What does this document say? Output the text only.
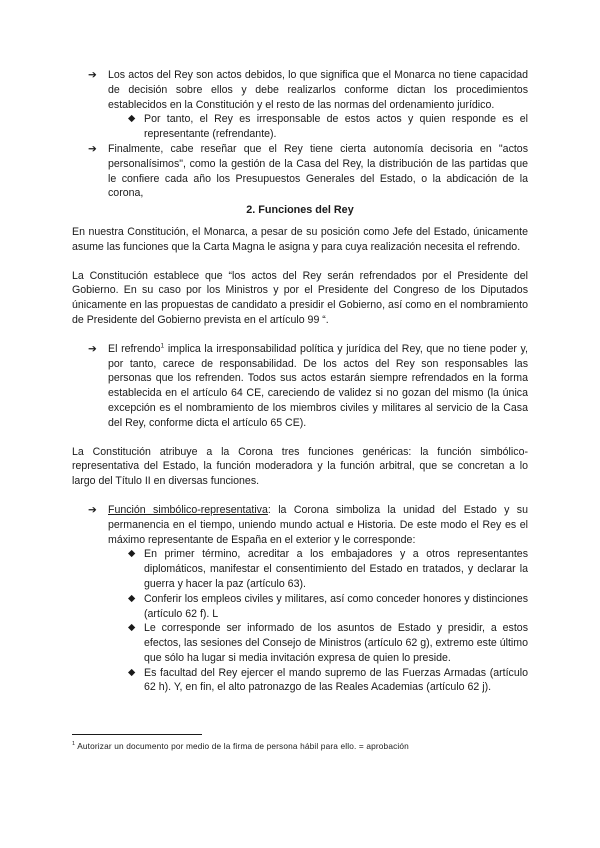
➔ Los actos del Rey son actos debidos, lo que significa que el Monarca no tiene capacidad de decisión sobre ellos y debe realizarlos conforme dictan los procedimientos establecidos en la Constitución y el resto de las normas del ordenamiento jurídico.

◆ Por tanto, el Rey es irresponsable de estos actos y quien responde es el representante (refrendante).

➔ Finalmente, cabe reseñar que el Rey tiene cierta autonomía decisoria en "actos personalísimos", como la gestión de la Casa del Rey, la distribución de las partidas que le confiere cada año los Presupuestos Generales del Estado, o la abdicación de la corona,

2. Funciones del Rey

En nuestra Constitución, el Monarca, a pesar de su posición como Jefe del Estado, únicamente asume las funciones que la Carta Magna le asigna y para cuya realización necesita el refrendo.

La Constitución establece que “los actos del Rey serán refrendados por el Presidente del Gobierno. En su caso por los Ministros y por el Presidente del Congreso de los Diputados únicamente en las propuestas de candidato a presidir el Gobierno, así como en el nombramiento de Presidente del Gobierno prevista en el artículo 99 “.

➔ El refrendo$^1$ implica la irresponsabilidad política y jurídica del Rey, que no tiene poder y, por tanto, carece de responsabilidad. De los actos del Rey son responsables las personas que los refrenden. Todos sus actos estarán siempre refrendados en la forma establecida en el artículo 64 CE, careciendo de validez si no gozan del mismo (la única excepción es el nombramiento de los miembros civiles y militares al servicio de la Casa del Rey, conforme dicta el artículo 65 CE).

La Constitución atribuye a la Corona tres funciones genéricas: la función simbólico-representativa del Estado, la función moderadora y la función arbitral, que se concretan a lo largo del Título II en diversas funciones.

➔ Función simbólico-representativa: la Corona simboliza la unidad del Estado y su permanencia en el tiempo, uniendo mundo actual e Historia. De este modo el Rey es el máximo representante de España en el exterior y le corresponde:

◆ En primer término, acreditar a los embajadores y a otros representantes diplomáticos, manifestar el consentimiento del Estado en tratados, y declarar la guerra y hacer la paz (artículo 63).

◆ Conferir los empleos civiles y militares, así como conceder honores y distinciones (artículo 62 f). L

◆ Le corresponde ser informado de los asuntos de Estado y presidir, a estos efectos, las sesiones del Consejo de Ministros (artículo 62 g), extremo este último que sólo ha lugar si media invitación expresa de quien lo preside.

◆ Es facultad del Rey ejercer el mando supremo de las Fuerzas Armadas (artículo 62 h). Y, en fin, el alto patronazgo de las Reales Academias (artículo 62 j).

$^1$ Autorizar un documento por medio de la firma de persona hábil para ello. = aprobación
